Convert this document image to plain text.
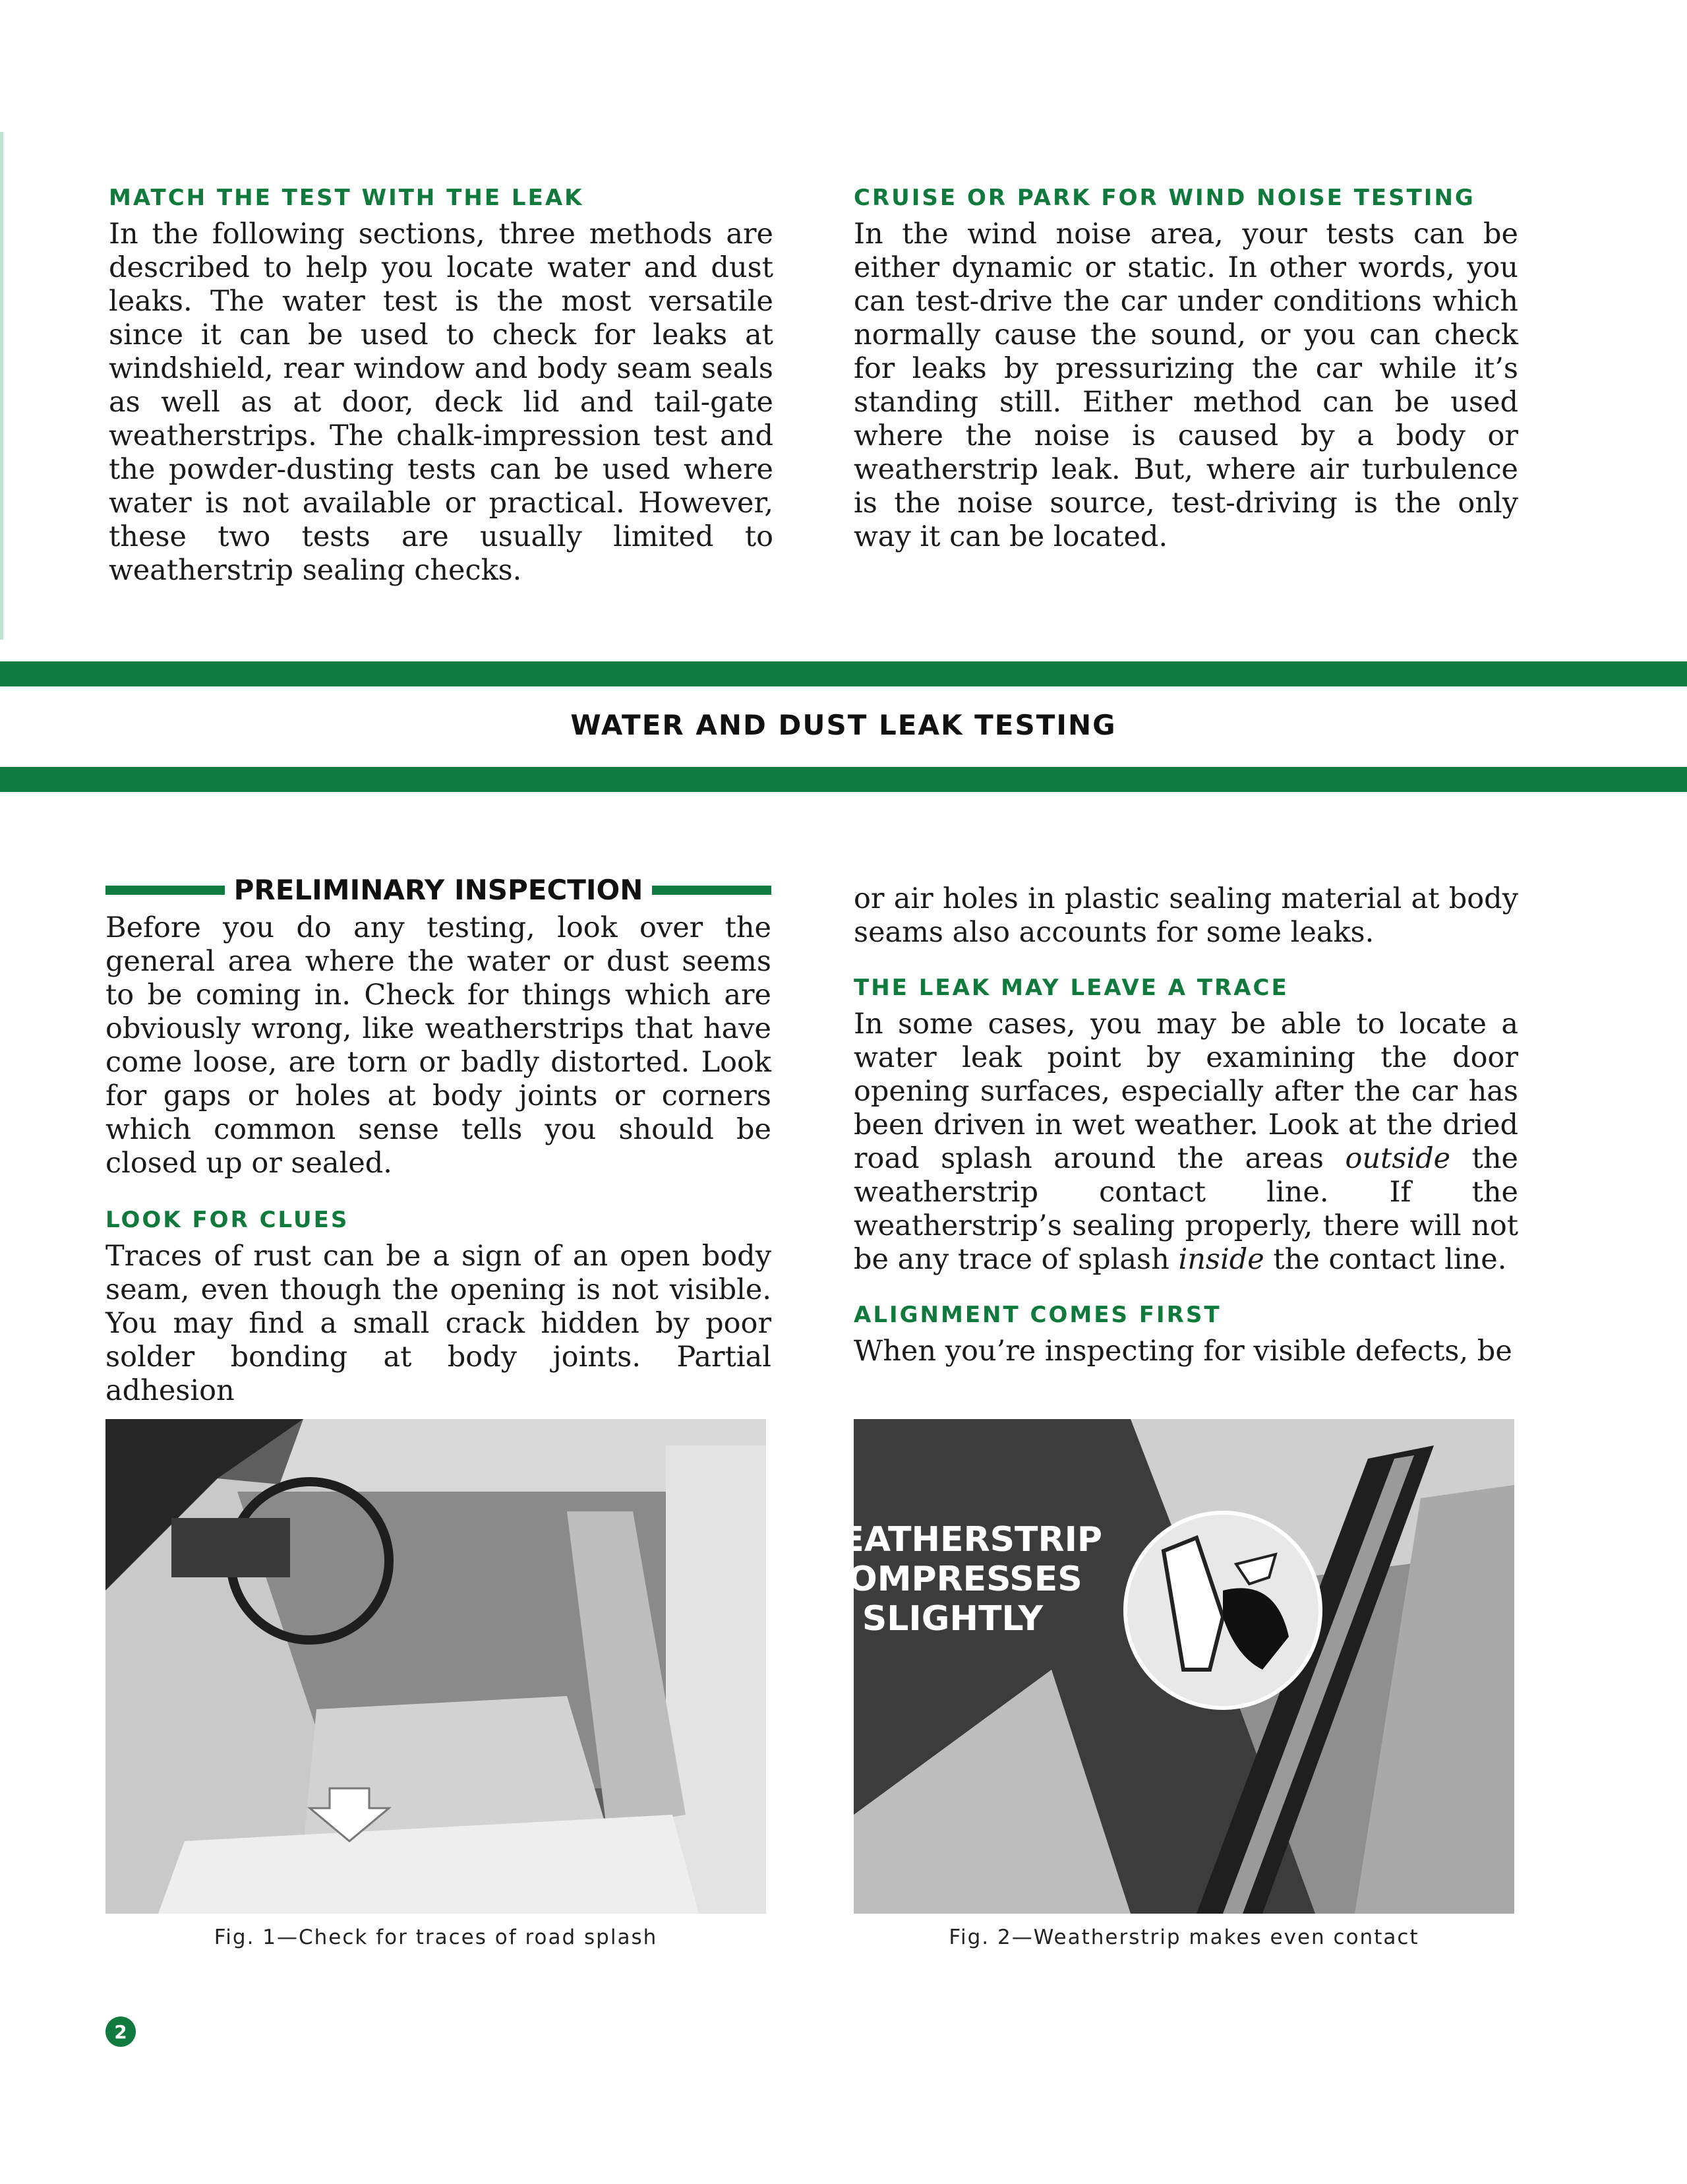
MATCH THE TEST WITH THE LEAK

In the following sections, three methods are described to help you locate water and dust leaks. The water test is the most versatile since it can be used to check for leaks at windshield, rear window and body seam seals as well as at door, deck lid and tail-gate weatherstrips. The chalk-impression test and the powder-dusting tests can be used where water is not available or practical. However, these two tests are usually limited to weatherstrip sealing checks.

CRUISE OR PARK FOR WIND NOISE TESTING

In the wind noise area, your tests can be either dynamic or static. In other words, you can test-drive the car under conditions which normally cause the sound, or you can check for leaks by pressurizing the car while it’s standing still. Either method can be used where the noise is caused by a body or weatherstrip leak. But, where air turbulence is the noise source, test-driving is the only way it can be located.

WATER AND DUST LEAK TESTING
PRELIMINARY INSPECTION

Before you do any testing, look over the general area where the water or dust seems to be coming in. Check for things which are obviously wrong, like weatherstrips that have come loose, are torn or badly distorted. Look for gaps or holes at body joints or corners which common sense tells you should be closed up or sealed.

LOOK FOR CLUES

Traces of rust can be a sign of an open body seam, even though the opening is not visible. You may find a small crack hidden by poor solder bonding at body joints. Partial adhesion

or air holes in plastic sealing material at body seams also accounts for some leaks.

THE LEAK MAY LEAVE A TRACE

In some cases, you may be able to locate a water leak point by examining the door opening surfaces, especially after the car has been driven in wet weather. Look at the dried road splash around the areas outside the weatherstrip contact line. If the weatherstrip’s sealing properly, there will not be any trace of splash inside the contact line.

ALIGNMENT COMES FIRST

When you’re inspecting for visible defects, be

Fig. 1—Check for traces of road splash
WEATHERSTRIP
COMPRESSES
SLIGHTLY
Fig. 2—Weatherstrip makes even contact
2
